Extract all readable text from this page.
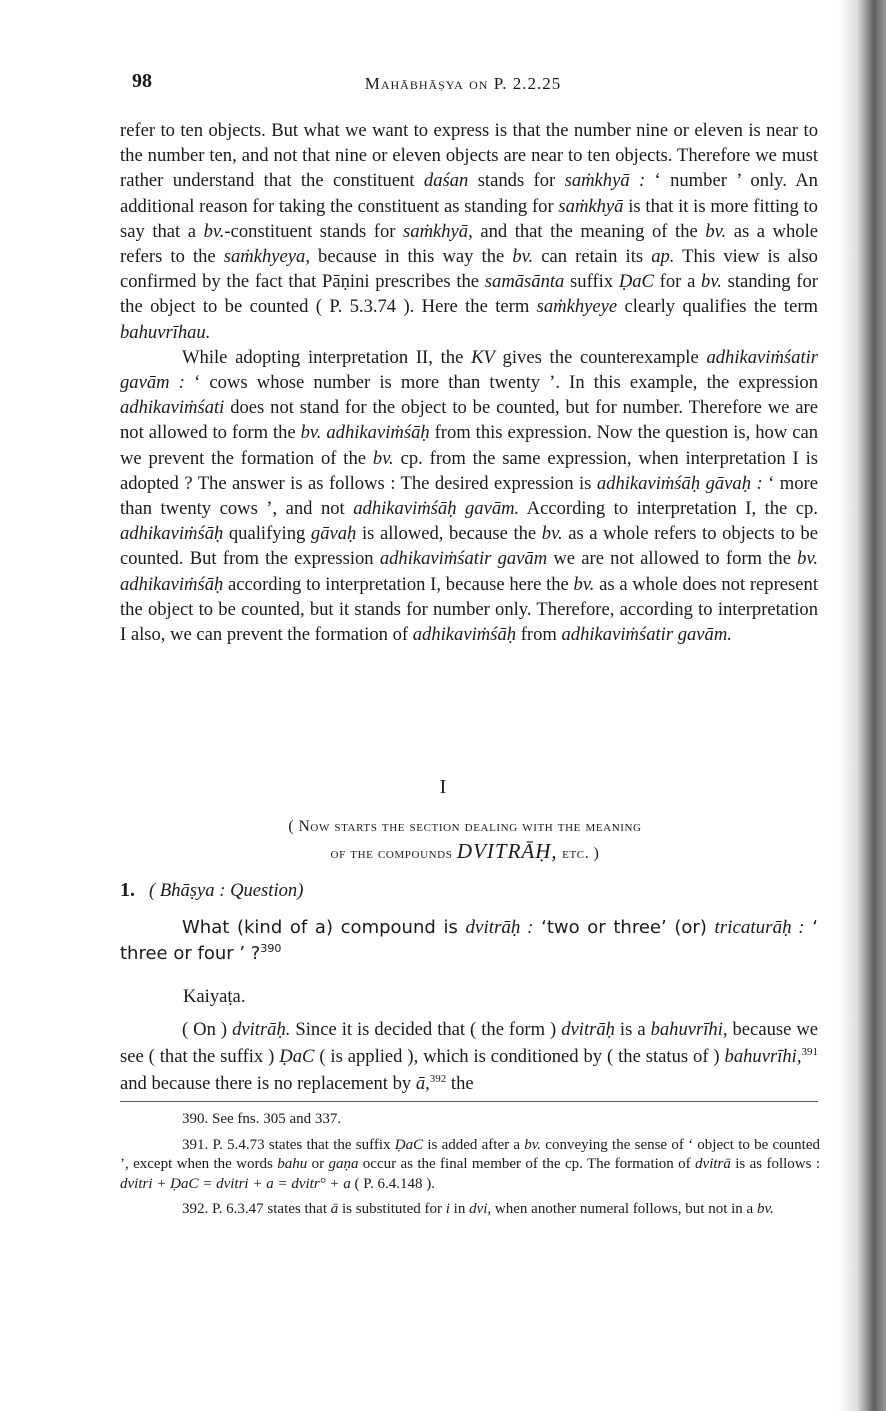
98	Mahābhāṣya on P. 2.2.25

refer to ten objects. But what we want to express is that the number nine or eleven is near to the number ten, and not that nine or eleven objects are near to ten objects. Therefore we must rather understand that the constituent daśan stands for saṁkhyā : ‘ number ’ only. An additional reason for taking the constituent as standing for saṁkhyā is that it is more fitting to say that a bv.-constituent stands for saṁkhyā, and that the meaning of the bv. as a whole refers to the saṁkhyeya, because in this way the bv. can retain its ap. This view is also confirmed by the fact that Pāṇini prescribes the samāsānta suffix ḌaC for a bv. standing for the object to be counted ( P. 5.3.74 ). Here the term saṁkhyeye clearly qualifies the term bahuvrīhau.

While adopting interpretation II, the KV gives the counterexample adhikaviṁśatir gavām : ‘ cows whose number is more than twenty ’. In this example, the expression adhikaviṁśati does not stand for the object to be counted, but for number. Therefore we are not allowed to form the bv. adhikaviṁśāḥ from this expression. Now the question is, how can we prevent the formation of the bv. cp. from the same expression, when interpretation I is adopted ? The answer is as follows : The desired expression is adhikaviṁśāḥ gāvaḥ : ‘ more than twenty cows ’, and not adhikaviṁśāḥ gavām. According to interpretation I, the cp. adhikaviṁśāḥ qualifying gāvaḥ is allowed, because the bv. as a whole refers to objects to be counted. But from the expression adhikaviṁśatir gavām we are not allowed to form the bv. adhikaviṁśāḥ according to interpretation I, because here the bv. as a whole does not represent the object to be counted, but it stands for number only. Therefore, according to interpretation I also, we can prevent the formation of adhikaviṁśāḥ from adhikaviṁśatir gavām.

I
( Now starts the section dealing with the meaning
of the compounds DVITRĀḤ, etc. )
1. ( Bhāṣya : Question)
What (kind of a) compound is dvitrāḥ : ‘two or three’ (or) tricaturāḥ : ‘ three or four ’ ?$^{390}$
Kaiyaṭa.
( On ) dvitrāḥ. Since it is decided that ( the form ) dvitrāḥ is a bahuvrīhi, because we see ( that the suffix ) ḌaC ( is applied ), which is conditioned by ( the status of ) bahuvrīhi,$^{391}$ and because there is no replacement by ā,$^{392}$ the

390. See fns. 305 and 337.

391. P. 5.4.73 states that the suffix ḌaC is added after a bv. conveying the sense of ‘ object to be counted ’, except when the words bahu or gaṇa occur as the final member of the cp. The formation of dvitrā is as follows : dvitri + ḌaC = dvitri + a = dvitr° + a ( P. 6.4.148 ).

392. P. 6.3.47 states that ā is substituted for i in dvi, when another numeral follows, but not in a bv.
